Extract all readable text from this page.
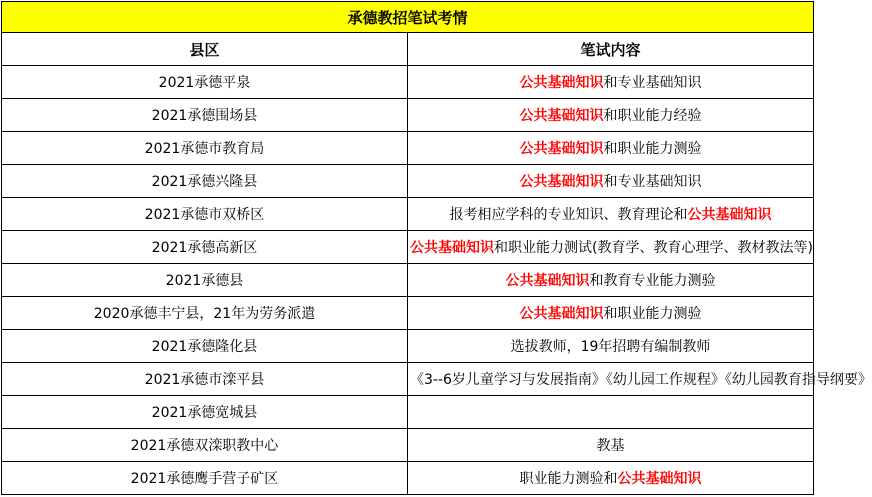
承德教招笔试考情	
县区	笔试内容
2021承德平泉	公共基础知识和专业基础知识
2021承德围场县	公共基础知识和职业能力经验
2021承德市教育局	公共基础知识和职业能力测验
2021承德兴隆县	公共基础知识和专业基础知识
2021承德市双桥区	报考相应学科的专业知识、教育理论和公共基础知识
2021承德高新区	公共基础知识和职业能力测试(教育学、教育心理学、教材教法等)
2021承德县	公共基础知识和教育专业能力测验
2020承德丰宁县，21年为劳务派遣	公共基础知识和职业能力测验
2021承德隆化县	选拔教师，19年招聘有编制教师
2021承德市滦平县	《3--6岁儿童学习与发展指南》《幼儿园工作规程》《幼儿园教育指导纲要》
2021承德宽城县	
2021承德双滦职教中心	教基
2021承德鹰手营子矿区	职业能力测验和公共基础知识
